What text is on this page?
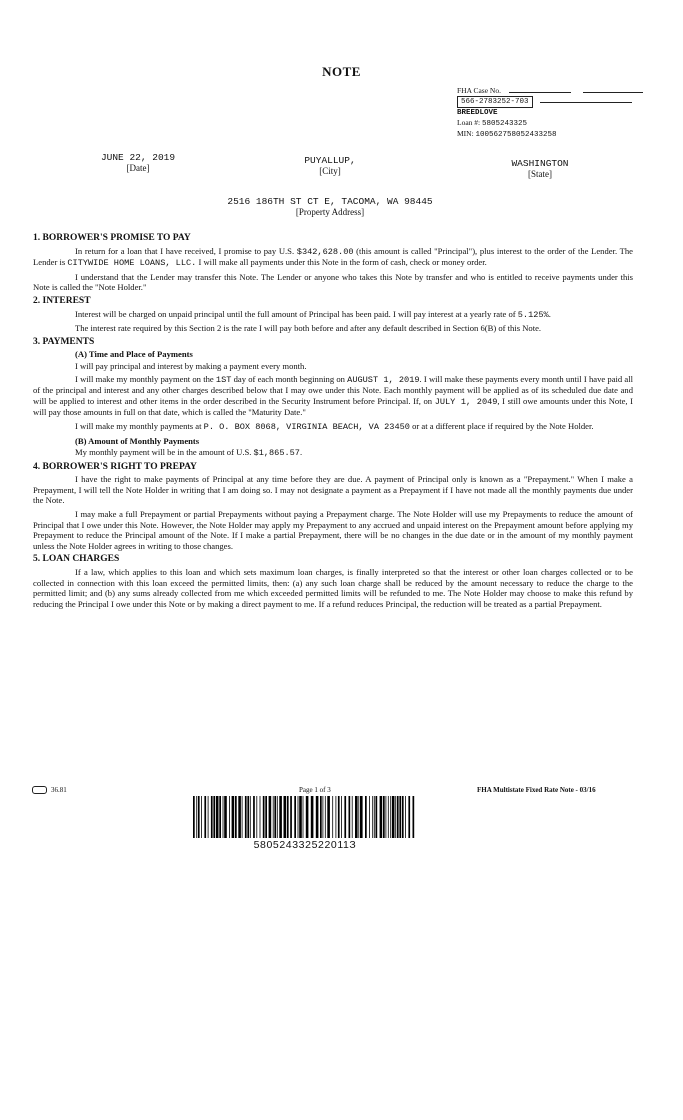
NOTE
FHA Case No.
566-2783252-703
BREEDLOVE
Loan #: 5805243325
MIN: 100562758052433258
JUNE 22, 2019
[Date]
PUYALLUP,
[City]
WASHINGTON
[State]
2516 186TH ST CT E, TACOMA, WA 98445
[Property Address]
1. BORROWER'S PROMISE TO PAY

In return for a loan that I have received, I promise to pay U.S. $342,628.00 (this amount is called "Principal"), plus interest to the order of the Lender. The Lender is CITYWIDE HOME LOANS, LLC. I will make all payments under this Note in the form of cash, check or money order.

I understand that the Lender may transfer this Note. The Lender or anyone who takes this Note by transfer and who is entitled to receive payments under this Note is called the "Note Holder."

2. INTEREST

Interest will be charged on unpaid principal until the full amount of Principal has been paid. I will pay interest at a yearly rate of 5.125%.

The interest rate required by this Section 2 is the rate I will pay both before and after any default described in Section 6(B) of this Note.

3. PAYMENTS
(A) Time and Place of Payments
I will pay principal and interest by making a payment every month.

I will make my monthly payment on the 1ST day of each month beginning on AUGUST 1, 2019. I will make these payments every month until I have paid all of the principal and interest and any other charges described below that I may owe under this Note. Each monthly payment will be applied as of its scheduled due date and will be applied to interest and other items in the order described in the Security Instrument before Principal. If, on JULY 1, 2049, I still owe amounts under this Note, I will pay those amounts in full on that date, which is called the "Maturity Date."

I will make my monthly payments at P. O. BOX 8068, VIRGINIA BEACH, VA 23450 or at a different place if required by the Note Holder.

(B) Amount of Monthly Payments
My monthly payment will be in the amount of U.S. $1,865.57.
4. BORROWER'S RIGHT TO PREPAY

I have the right to make payments of Principal at any time before they are due. A payment of Principal only is known as a "Prepayment." When I make a Prepayment, I will tell the Note Holder in writing that I am doing so. I may not designate a payment as a Prepayment if I have not made all the monthly payments due under the Note.

I may make a full Prepayment or partial Prepayments without paying a Prepayment charge. The Note Holder will use my Prepayments to reduce the amount of Principal that I owe under this Note. However, the Note Holder may apply my Prepayment to any accrued and unpaid interest on the Prepayment amount before applying my Prepayment to reduce the Principal amount of the Note. If I make a partial Prepayment, there will be no changes in the due date or in the amount of my monthly payment unless the Note Holder agrees in writing to those changes.

5. LOAN CHARGES

If a law, which applies to this loan and which sets maximum loan charges, is finally interpreted so that the interest or other loan charges collected or to be collected in connection with this loan exceed the permitted limits, then: (a) any such loan charge shall be reduced by the amount necessary to reduce the charge to the permitted limit; and (b) any sums already collected from me which exceeded permitted limits will be refunded to me. The Note Holder may choose to make this refund by reducing the Principal I owe under this Note or by making a direct payment to me. If a refund reduces Principal, the reduction will be treated as a partial Prepayment.

36.81	Page 1 of 3	FHA Multistate Fixed Rate Note - 03/16
580524332522011З
